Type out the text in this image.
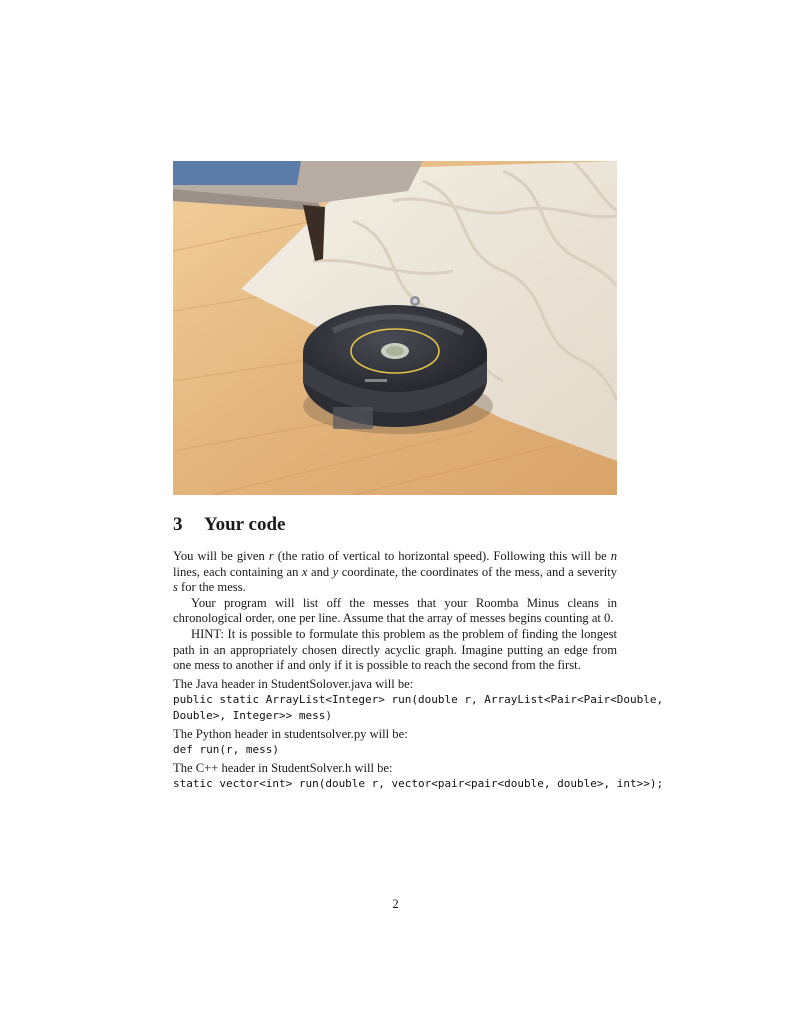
3 Your code

You will be given r (the ratio of vertical to horizontal speed). Following this will be n lines, each containing an x and y coordinate, the coordinates of the mess, and a severity s for the mess.

Your program will list off the messes that your Roomba Minus cleans in chronological order, one per line. Assume that the array of messes begins counting at 0.

HINT: It is possible to formulate this problem as the problem of finding the longest path in an appropriately chosen directly acyclic graph. Imagine putting an edge from one mess to another if and only if it is possible to reach the second from the first.

The Java header in StudentSolover.java will be:

public static ArrayList<Integer> run(double r, ArrayList<Pair<Pair<Double, Double>, Integer>> mess)

The Python header in studentsolver.py will be:

def run(r, mess)

The C++ header in StudentSolver.h will be:

static vector<int> run(double r, vector<pair<pair<double, double>, int>>);
2
